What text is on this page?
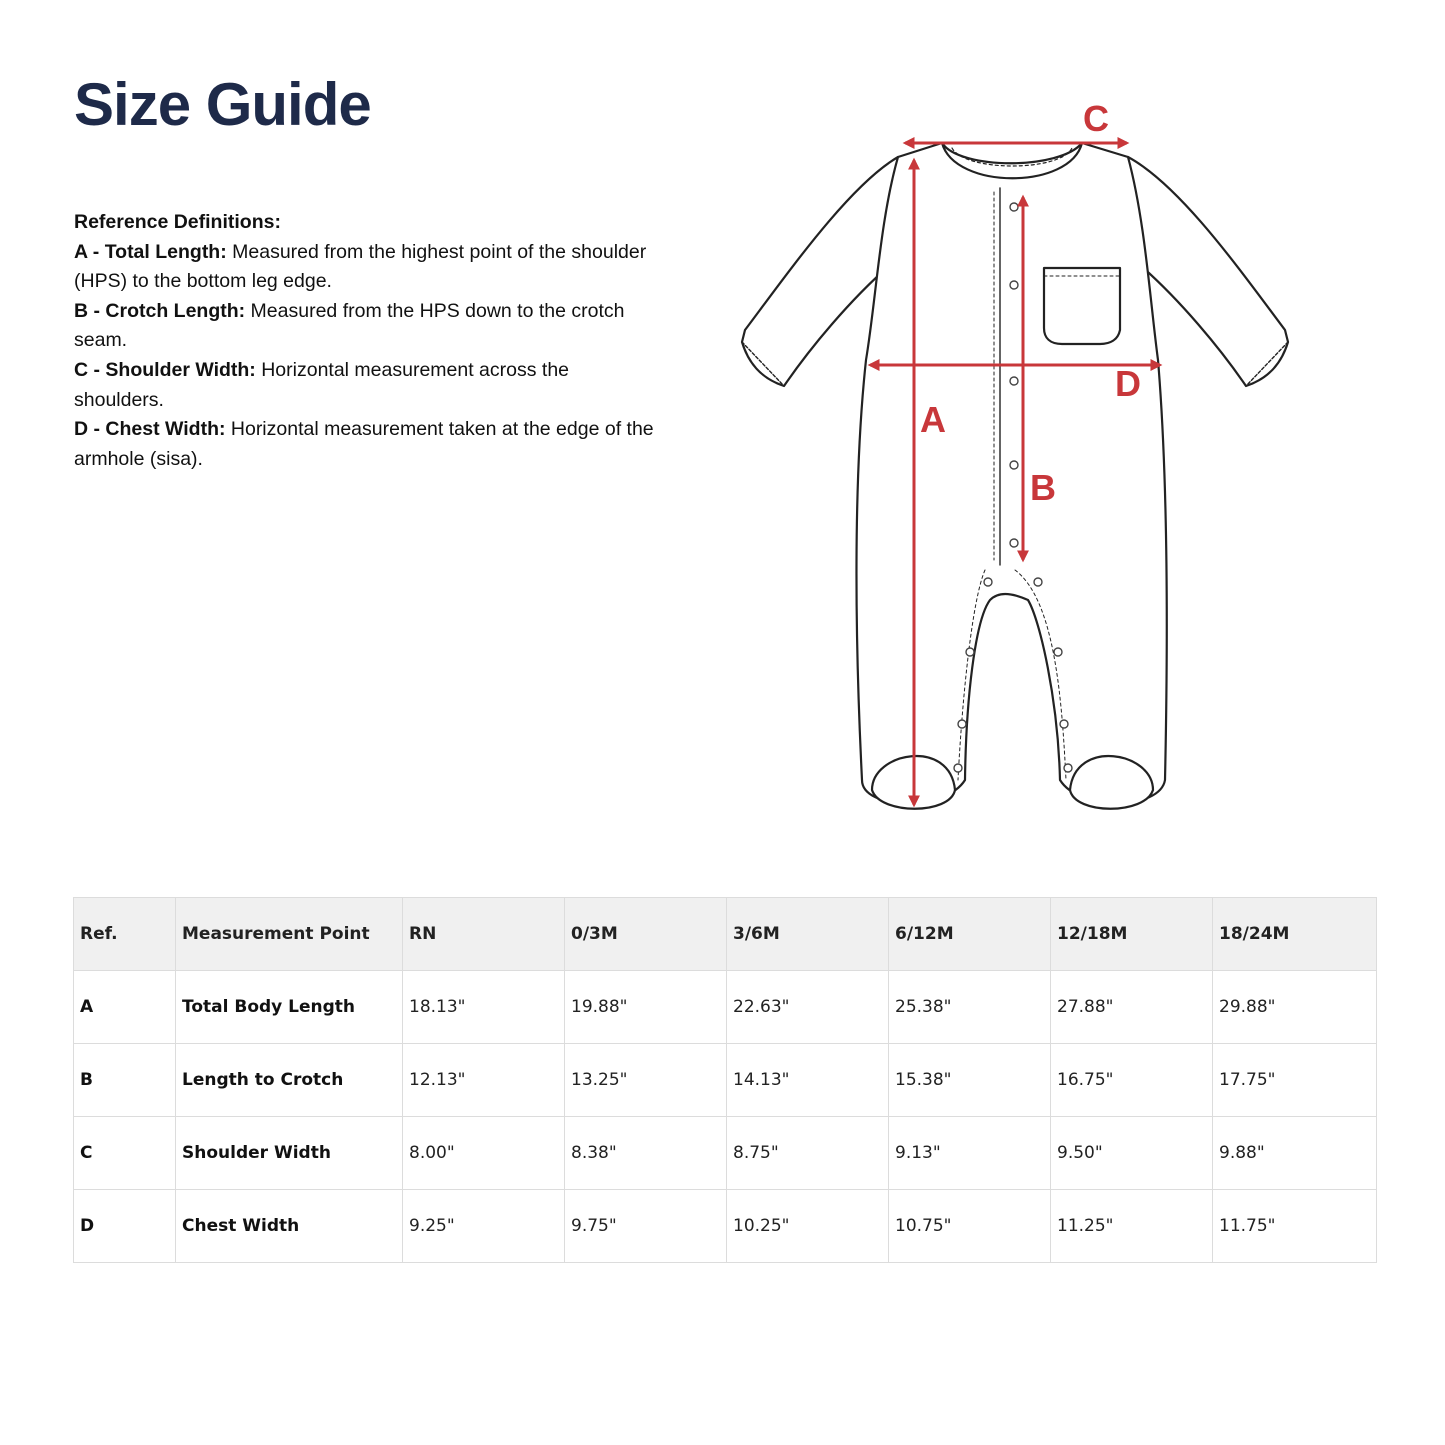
Size Guide
Reference Definitions:
A - Total Length: Measured from the highest point of the shoulder (HPS) to the bottom leg edge.
B - Crotch Length: Measured from the HPS down to the crotch seam.
C - Shoulder Width: Horizontal measurement across the shoulders.
D - Chest Width: Horizontal measurement taken at the edge of the armhole (sisa).
C
D
A
B
Ref.	Measurement Point	RN	0/3M	3/6M	6/12M	12/18M	18/24M
A	Total Body Length	18.13"	19.88"	22.63"	25.38"	27.88"	29.88"
B	Length to Crotch	12.13"	13.25"	14.13"	15.38"	16.75"	17.75"
C	Shoulder Width	8.00"	8.38"	8.75"	9.13"	9.50"	9.88"
D	Chest Width	9.25"	9.75"	10.25"	10.75"	11.25"	11.75"
